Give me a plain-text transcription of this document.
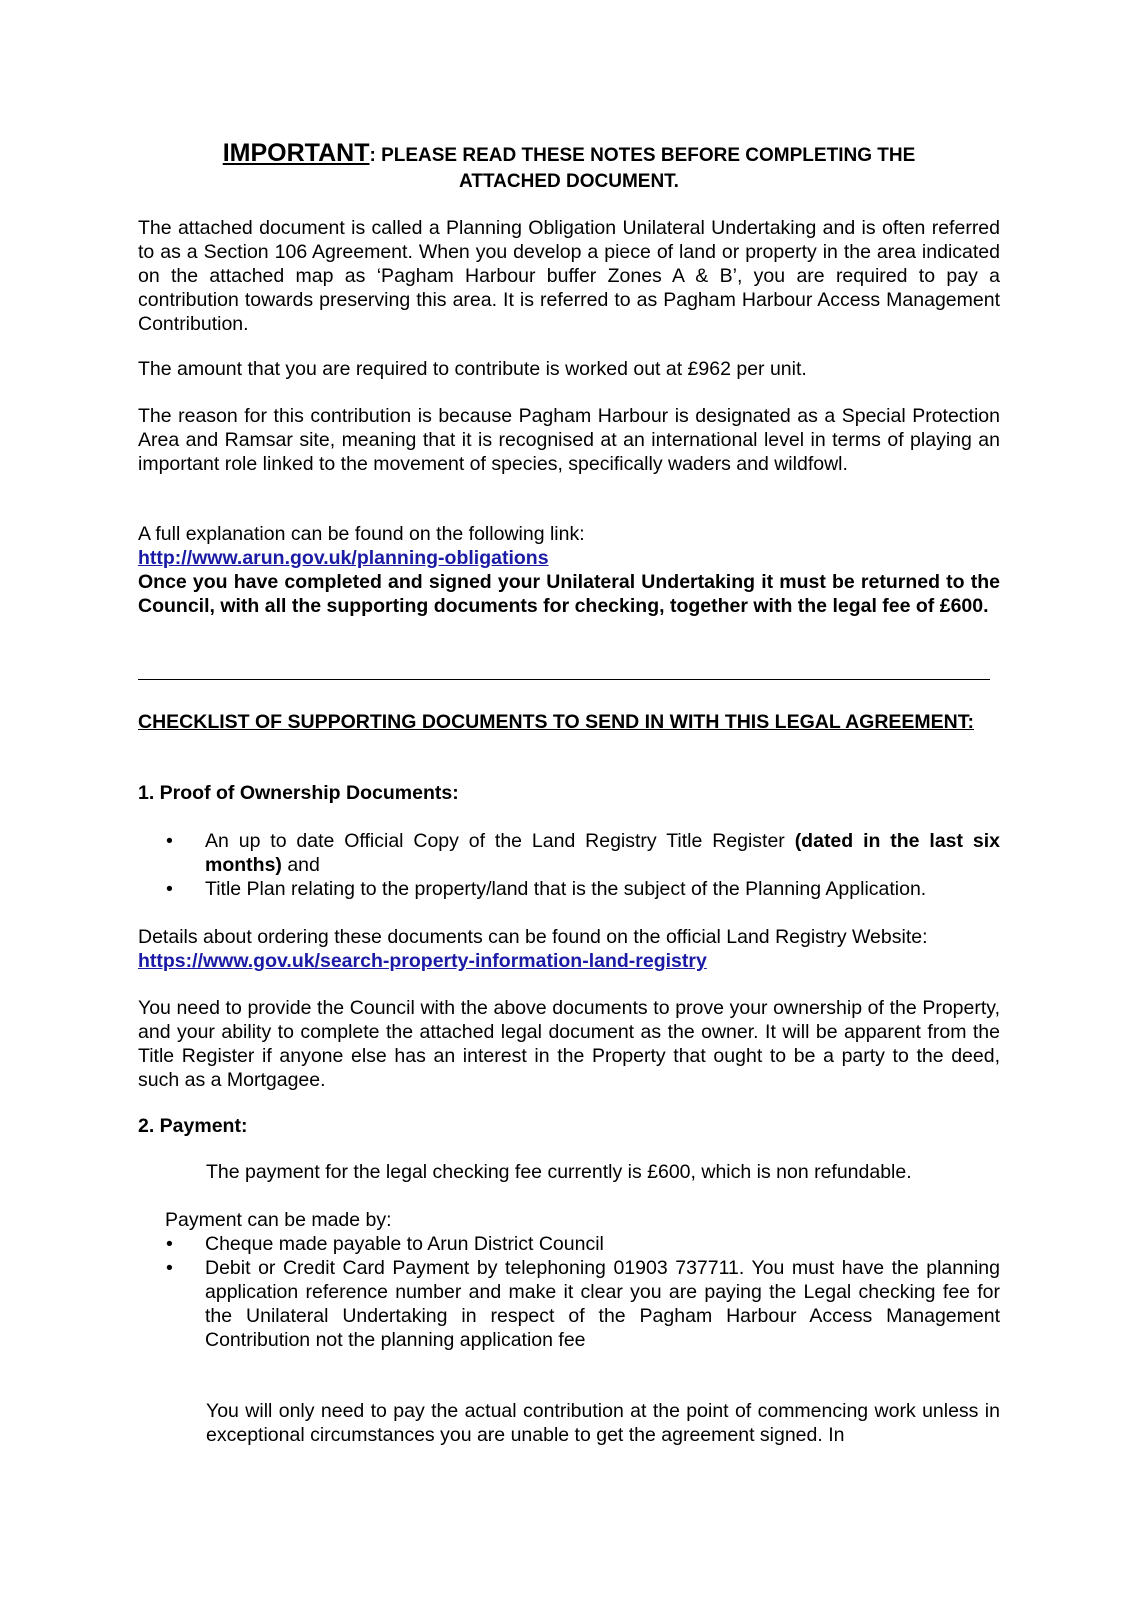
IMPORTANT: PLEASE READ THESE NOTES BEFORE COMPLETING THE
ATTACHED DOCUMENT.

The attached document is called a Planning Obligation Unilateral Undertaking and is often referred to as a Section 106 Agreement. When you develop a piece of land or property in the area indicated on the attached map as ‘Pagham Harbour buffer Zones A & B’, you are required to pay a contribution towards preserving this area. It is referred to as Pagham Harbour Access Management Contribution.

The amount that you are required to contribute is worked out at £962 per unit.

The reason for this contribution is because Pagham Harbour is designated as a Special Protection Area and Ramsar site, meaning that it is recognised at an international level in terms of playing an important role linked to the movement of species, specifically waders and wildfowl.

A full explanation can be found on the following link:

http://www.arun.gov.uk/planning-obligations

Once you have completed and signed your Unilateral Undertaking it must be returned to the Council, with all the supporting documents for checking, together with the legal fee of £600.

CHECKLIST OF SUPPORTING DOCUMENTS TO SEND IN WITH THIS LEGAL AGREEMENT:

1. Proof of Ownership Documents:

• An up to date Official Copy of the Land Registry Title Register (dated in the last six months) and
• Title Plan relating to the property/land that is the subject of the Planning Application.

Details about ordering these documents can be found on the official Land Registry Website:

https://www.gov.uk/search-property-information-land-registry

You need to provide the Council with the above documents to prove your ownership of the Property, and your ability to complete the attached legal document as the owner. It will be apparent from the Title Register if anyone else has an interest in the Property that ought to be a party to the deed, such as a Mortgagee.

2. Payment:

The payment for the legal checking fee currently is £600, which is non refundable.

Payment can be made by:

• Cheque made payable to Arun District Council
• Debit or Credit Card Payment by telephoning 01903 737711. You must have the planning application reference number and make it clear you are paying the Legal checking fee for the Unilateral Undertaking in respect of the Pagham Harbour Access Management Contribution not the planning application fee

You will only need to pay the actual contribution at the point of commencing work unless in exceptional circumstances you are unable to get the agreement signed. In
